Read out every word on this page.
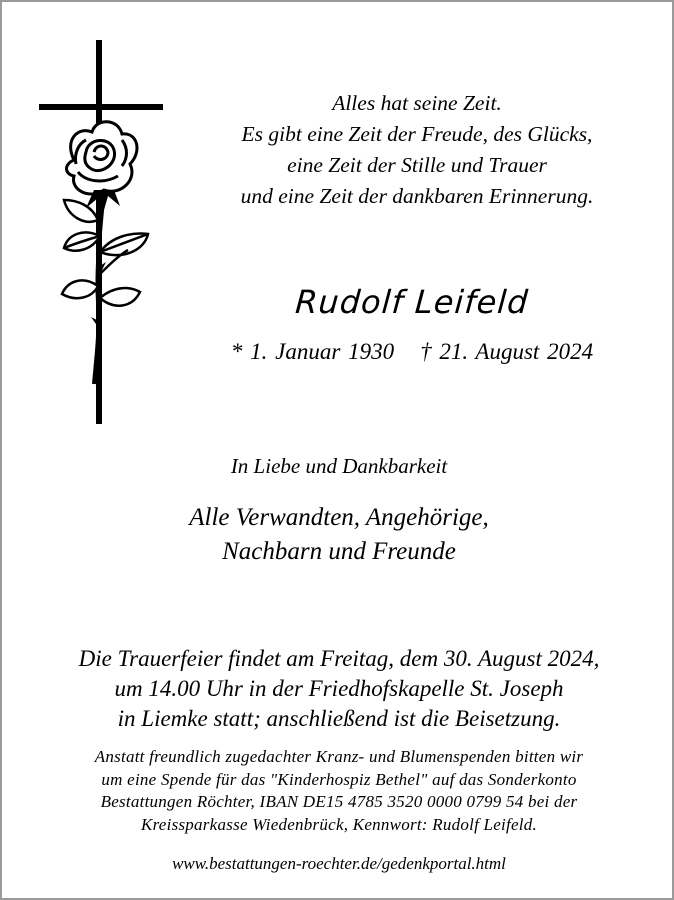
Alles hat seine Zeit.
Es gibt eine Zeit der Freude, des Glücks,
eine Zeit der Stille und Trauer
und eine Zeit der dankbaren Erinnerung.
Rudolf Leifeld
* 1. Januar 1930 † 21. August 2024
In Liebe und Dankbarkeit
Alle Verwandten, Angehörige,
Nachbarn und Freunde
Die Trauerfeier findet am Freitag, dem 30. August 2024,
um 14.00 Uhr in der Friedhofskapelle St. Joseph
in Liemke statt; anschließend ist die Beisetzung.
Anstatt freundlich zugedachter Kranz- und Blumenspenden bitten wir
um eine Spende für das "Kinderhospiz Bethel" auf das Sonderkonto
Bestattungen Röchter, IBAN DE15 4785 3520 0000 0799 54 bei der
Kreissparkasse Wiedenbrück, Kennwort: Rudolf Leifeld.
www.bestattungen-roechter.de/gedenkportal.html
